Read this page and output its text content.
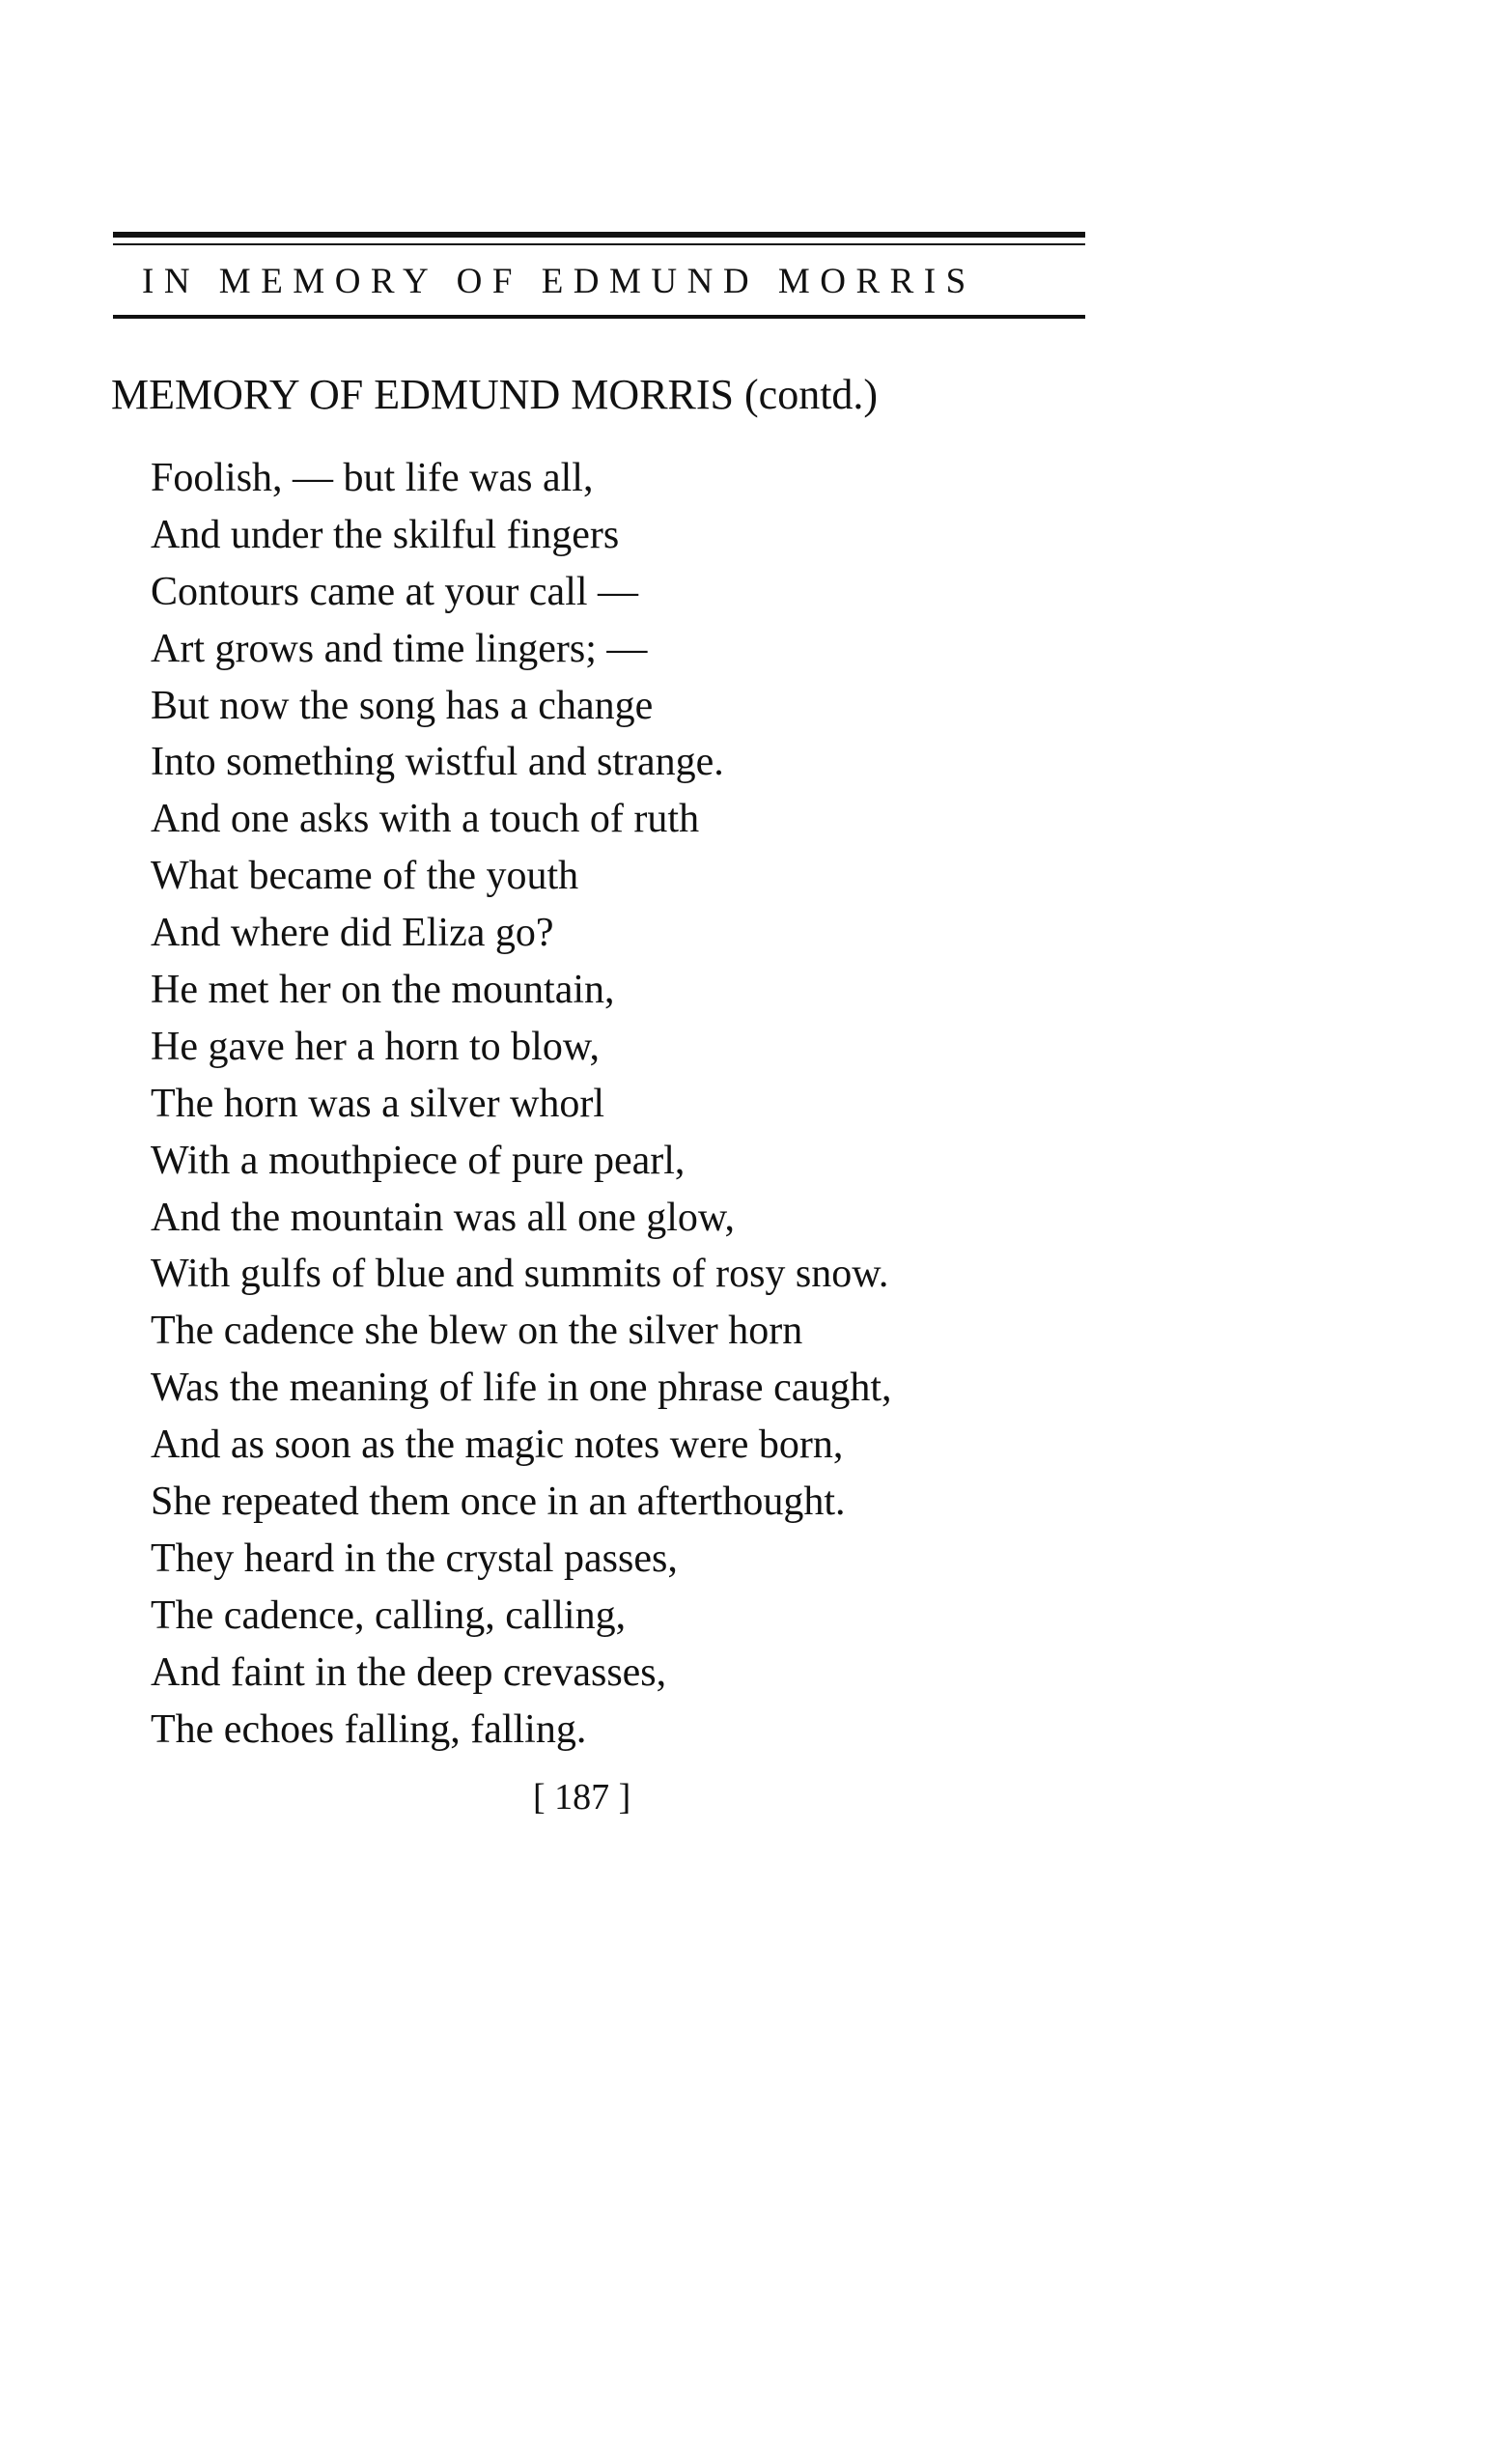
IN MEMORY OF EDMUND MORRIS
MEMORY OF EDMUND MORRIS (contd.)
Foolish, — but life was all,
And under the skilful fingers
Contours came at your call —
Art grows and time lingers; —
But now the song has a change
Into something wistful and strange.
And one asks with a touch of ruth
What became of the youth
And where did Eliza go?
He met her on the mountain,
He gave her a horn to blow,
The horn was a silver whorl
With a mouthpiece of pure pearl,
And the mountain was all one glow,
With gulfs of blue and summits of rosy snow.
The cadence she blew on the silver horn
Was the meaning of life in one phrase caught,
And as soon as the magic notes were born,
She repeated them once in an afterthought.
They heard in the crystal passes,
The cadence, calling, calling,
And faint in the deep crevasses,
The echoes falling, falling.
[ 187 ]
